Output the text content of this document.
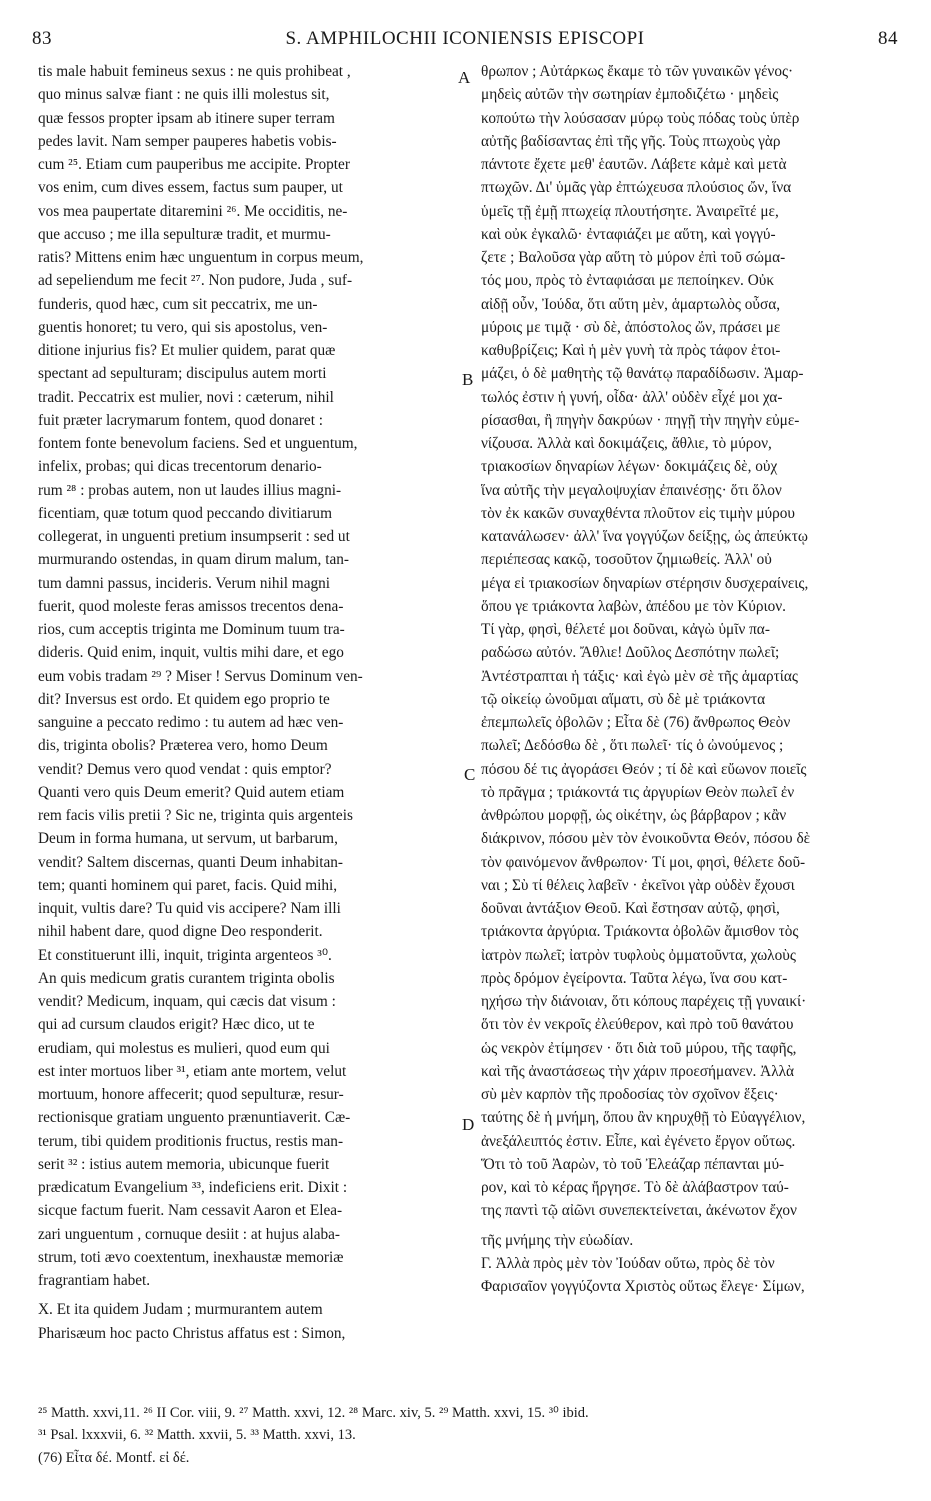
83	S. AMPHILOCHII ICONIENSIS EPISCOPI	84
tis male habuit femineus sexus : ne quis prohibeat ,
quo minus salvæ fiant : ne quis illi molestus sit,
quæ fessos propter ipsam ab itinere super terram
pedes lavit. Nam semper pauperes habetis vobis-
cum ²⁵. Etiam cum pauperibus me accipite. Propter
vos enim, cum dives essem, factus sum pauper, ut
vos mea paupertate ditaremini ²⁶. Me occiditis, ne-
que accuso ; me illa sepulturæ tradit, et murmu-
ratis? Mittens enim hæc unguentum in corpus meum,
ad sepeliendum me fecit ²⁷. Non pudore, Juda , suf-
funderis, quod hæc, cum sit peccatrix, me un-
guentis honoret; tu vero, qui sis apostolus, ven-
ditione injurius fis? Et mulier quidem, parat quæ
spectant ad sepulturam; discipulus autem morti
tradit. Peccatrix est mulier, novi : cæterum, nihil
fuit præter lacrymarum fontem, quod donaret :
fontem fonte benevolum faciens. Sed et unguentum,
infelix, probas; qui dicas trecentorum denario-
rum ²⁸ : probas autem, non ut laudes illius magni-
ficentiam, quæ totum quod peccando divitiarum
collegerat, in unguenti pretium insumpserit : sed ut
murmurando ostendas, in quam dirum malum, tan-
tum damni passus, incideris. Verum nihil magni
fuerit, quod moleste feras amissos trecentos dena-
rios, cum acceptis triginta me Dominum tuum tra-
dideris. Quid enim, inquit, vultis mihi dare, et ego
eum vobis tradam ²⁹ ? Miser ! Servus Dominum ven-
dit? Inversus est ordo. Et quidem ego proprio te
sanguine a peccato redimo : tu autem ad hæc ven-
dis, triginta obolis? Præterea vero, homo Deum
vendit? Demus vero quod vendat : quis emptor?
Quanti vero quis Deum emerit? Quid autem etiam
rem facis vilis pretii ? Sic ne, triginta quis argenteis
Deum in forma humana, ut servum, ut barbarum,
vendit? Saltem discernas, quanti Deum inhabitan-
tem; quanti hominem qui paret, facis. Quid mihi,
inquit, vultis dare? Tu quid vis accipere? Nam illi
nihil habent dare, quod digne Deo responderit.
Et constituerunt illi, inquit, triginta argenteos ³⁰.
An quis medicum gratis curantem triginta obolis
vendit? Medicum, inquam, qui cæcis dat visum :
qui ad cursum claudos erigit? Hæc dico, ut te
erudiam, qui molestus es mulieri, quod eum qui
est inter mortuos liber ³¹, etiam ante mortem, velut
mortuum, honore affecerit; quod sepulturæ, resur-
rectionisque gratiam unguento prænuntiaverit. Cæ-
terum, tibi quidem proditionis fructus, restis man-
serit ³² : istius autem memoria, ubicunque fuerit
prædicatum Evangelium ³³, indeficiens erit. Dixit :
sicque factum fuerit. Nam cessavit Aaron et Elea-
zari unguentum , cornuque desiit : at hujus alaba-
strum, toti ævo coextentum, inexhaustæ memoriæ
fragrantiam habet.
X. Et ita quidem Judam ; murmurantem autem
Pharisæum hoc pacto Christus affatus est : Simon,
θρωπον ; Αὐτάρκως ἔκαμε τὸ τῶν γυναικῶν γένος·
μηδεὶς αὐτῶν τὴν σωτηρίαν ἐμποδιζέτω · μηδεὶς
κοπούτω τὴν λούσασαν μύρῳ τοὺς πόδας τοὺς ὑπὲρ
αὐτῆς βαδίσαντας ἐπὶ τῆς γῆς. Τοὺς πτωχοὺς γὰρ
πάντοτε ἔχετε μεθ' ἑαυτῶν. Λάβετε κἀμὲ καὶ μετὰ
πτωχῶν. Δι' ὑμᾶς γὰρ ἐπτώχευσα πλούσιος ὤν, ἵνα
ὑμεῖς τῇ ἐμῇ πτωχείᾳ πλουτήσητε. Ἀναιρεῖτέ με,
καὶ οὐκ ἐγκαλῶ· ἐνταφιάζει με αὕτη, καὶ γογγύ-
ζετε ; Βαλοῦσα γὰρ αὕτη τὸ μύρον ἐπὶ τοῦ σώμα-
τός μου, πρὸς τὸ ἐνταφιάσαι με πεποίηκεν. Οὐκ
αἰδῇ οὖν, Ἰούδα, ὅτι αὕτη μὲν, ἁμαρτωλὸς οὖσα,
μύροις με τιμᾷ · σὺ δὲ, ἀπόστολος ὤν, πράσει με
καθυβρίζεις; Καὶ ἡ μὲν γυνὴ τὰ πρὸς τάφον ἑτοι-
μάζει, ὁ δὲ μαθητὴς τῷ θανάτῳ παραδίδωσιν. Ἁμαρ-
τωλός ἐστιν ἡ γυνή, οἶδα· ἀλλ' οὐδὲν εἶχέ μοι χα-
ρίσασθαι, ἢ πηγὴν δακρύων · πηγῇ τὴν πηγὴν εὐμε-
νίζουσα. Ἀλλὰ καὶ δοκιμάζεις, ἄθλιε, τὸ μύρον,
τριακοσίων δηναρίων λέγων· δοκιμάζεις δὲ, οὐχ
ἵνα αὐτῆς τὴν μεγαλοψυχίαν ἐπαινέσῃς· ὅτι ὅλον
τὸν ἐκ κακῶν συναχθέντα πλοῦτον εἰς τιμὴν μύρου
κατανάλωσεν· ἀλλ' ἵνα γογγύζων δείξῃς, ὡς ἀπεύκτῳ
περιέπεσας κακῷ, τοσοῦτον ζημιωθείς. Ἀλλ' οὐ
μέγα εἰ τριακοσίων δηναρίων στέρησιν δυσχεραίνεις,
ὅπου γε τριάκοντα λαβὼν, ἀπέδου με τὸν Κύριον.
Τί γὰρ, φησὶ, θέλετέ μοι δοῦναι, κἀγὼ ὑμῖν πα-
ραδώσω αὐτόν. Ἄθλιε! Δοῦλος Δεσπότην πωλεῖ;
Ἀντέστραπται ἡ τάξις· καὶ ἐγὼ μὲν σὲ τῆς ἁμαρτίας
τῷ οἰκείῳ ὠνοῦμαι αἵματι, σὺ δὲ μὲ τριάκοντα
ἐπεμπωλεῖς ὀβολῶν ; Εἶτα δὲ (76) ἄνθρωπος Θεὸν
πωλεῖ; Δεδόσθω δὲ , ὅτι πωλεῖ· τίς ὁ ὠνούμενος ;
πόσου δέ τις ἀγοράσει Θεόν ; τί δὲ καὶ εὔωνον ποιεῖς
τὸ πρᾶγμα ; τριάκοντά τις ἀργυρίων Θεὸν πωλεῖ ἐν
ἀνθρώπου μορφῇ, ὡς οἰκέτην, ὡς βάρβαρον ; κἂν
διάκρινον, πόσου μὲν τὸν ἐνοικοῦντα Θεόν, πόσου δὲ
τὸν φαινόμενον ἄνθρωπον· Τί μοι, φησὶ, θέλετε δοῦ-
ναι ; Σὺ τί θέλεις λαβεῖν · ἐκεῖνοι γὰρ οὐδὲν ἔχουσι
δοῦναι ἀντάξιον Θεοῦ. Καὶ ἔστησαν αὐτῷ, φησὶ,
τριάκοντα ἀργύρια. Τριάκοντα ὀβολῶν ἄμισθον τὸς
ἰατρὸν πωλεῖ; ἰατρὸν τυφλοὺς ὀμματοῦντα, χωλοὺς
πρὸς δρόμον ἐγείροντα. Ταῦτα λέγω, ἵνα σου κατ-
ηχήσω τὴν διάνοιαν, ὅτι κόπους παρέχεις τῇ γυναικί·
ὅτι τὸν ἐν νεκροῖς ἐλεύθερον, καὶ πρὸ τοῦ θανάτου
ὡς νεκρὸν ἐτίμησεν · ὅτι διὰ τοῦ μύρου, τῆς ταφῆς,
καὶ τῆς ἀναστάσεως τὴν χάριν προεσήμανεν. Ἀλλὰ
σὺ μὲν καρπὸν τῆς προδοσίας τὸν σχοῖνον ἕξεις·
ταύτης δὲ ἡ μνήμη, ὅπου ἂν κηρυχθῇ τὸ Εὐαγγέλιον,
ἀνεξάλειπτός ἐστιν. Εἶπε, καὶ ἐγένετο ἔργον οὕτως.
Ὅτι τὸ τοῦ Ἀαρὼν, τὸ τοῦ Ἐλεάζαρ πέπανται μύ-
ρον, καὶ τὸ κέρας ἤργησε. Τὸ δὲ ἀλάβαστρον ταύ-
της παντὶ τῷ αἰῶνι συνεπεκτείνεται, ἀκένωτον ἔχον
τῆς μνήμης τὴν εὐωδίαν.
Γ. Ἀλλὰ πρὸς μὲν τὸν Ἰούδαν οὕτω, πρὸς δὲ τὸν
Φαρισαῖον γογγύζοντα Χριστὸς οὕτως ἔλεγε· Σίμων,
A
B
C
D
²⁵ Matth. xxvi,11. ²⁶ II Cor. viii, 9. ²⁷ Matth. xxvi, 12. ²⁸ Marc. xiv, 5. ²⁹ Matth. xxvi, 15. ³⁰ ibid.
³¹ Psal. lxxxvii, 6. ³² Matth. xxvii, 5. ³³ Matth. xxvi, 13.
(76) Εἶτα δέ. Montf. εἰ δέ.
